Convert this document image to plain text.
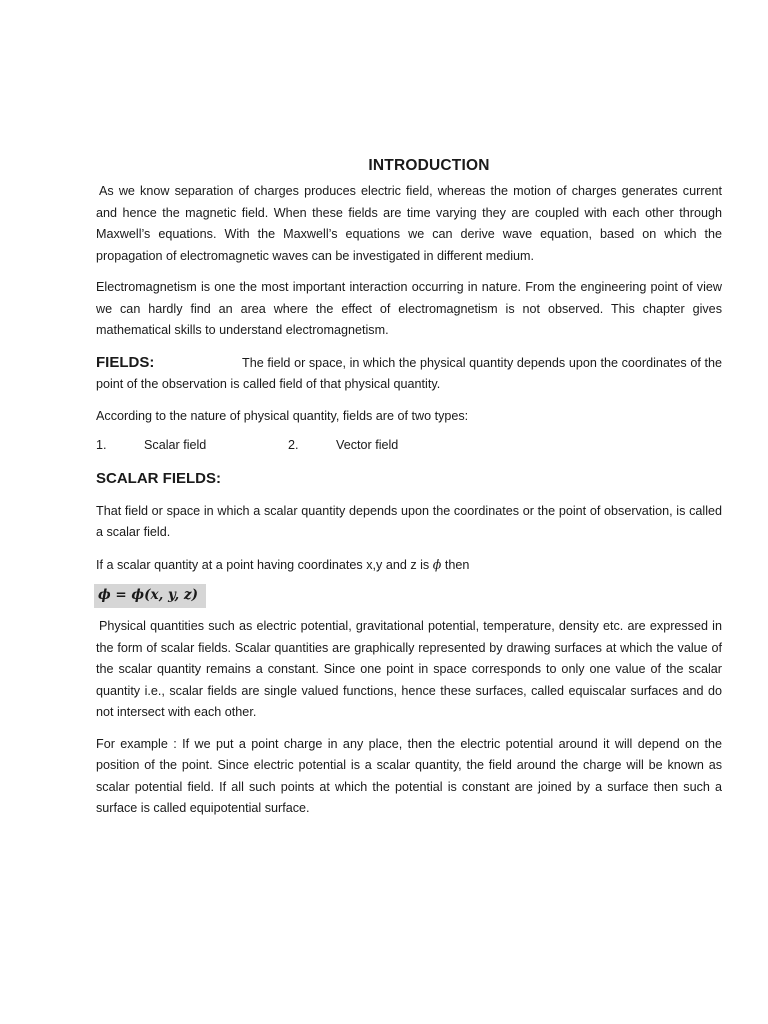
INTRODUCTION

As we know separation of charges produces electric field, whereas the motion of charges generates current and hence the magnetic field. When these fields are time varying they are coupled with each other through Maxwell’s equations. With the Maxwell’s equations we can derive wave equation, based on which the propagation of electromagnetic waves can be investigated in different medium.

Electromagnetism is one the most important interaction occurring in nature. From the engineering point of view we can hardly find an area where the effect of electromagnetism is not observed. This chapter gives mathematical skills to understand electromagnetism.

FIELDS:	The field or space, in which the physical quantity depends upon the coordinates of the point of the observation is called field of that physical quantity.

According to the nature of physical quantity, fields are of two types:

1.	Scalar field	2.	Vector field
SCALAR FIELDS:

That field or space in which a scalar quantity depends upon the coordinates or the point of observation, is called a scalar field.

If a scalar quantity at a point having coordinates x,y and z is ϕ then

ϕ = ϕ(x, y, z)

Physical quantities such as electric potential, gravitational potential, temperature, density etc. are expressed in the form of scalar fields. Scalar quantities are graphically represented by drawing surfaces at which the value of the scalar quantity remains a constant. Since one point in space corresponds to only one value of the scalar quantity i.e., scalar fields are single valued functions, hence these surfaces, called equiscalar surfaces and do not intersect with each other.

For example : If we put a point charge in any place, then the electric potential around it will depend on the position of the point. Since electric potential is a scalar quantity, the field around the charge will be known as scalar potential field. If all such points at which the potential is constant are joined by a surface then such a surface is called equipotential surface.
